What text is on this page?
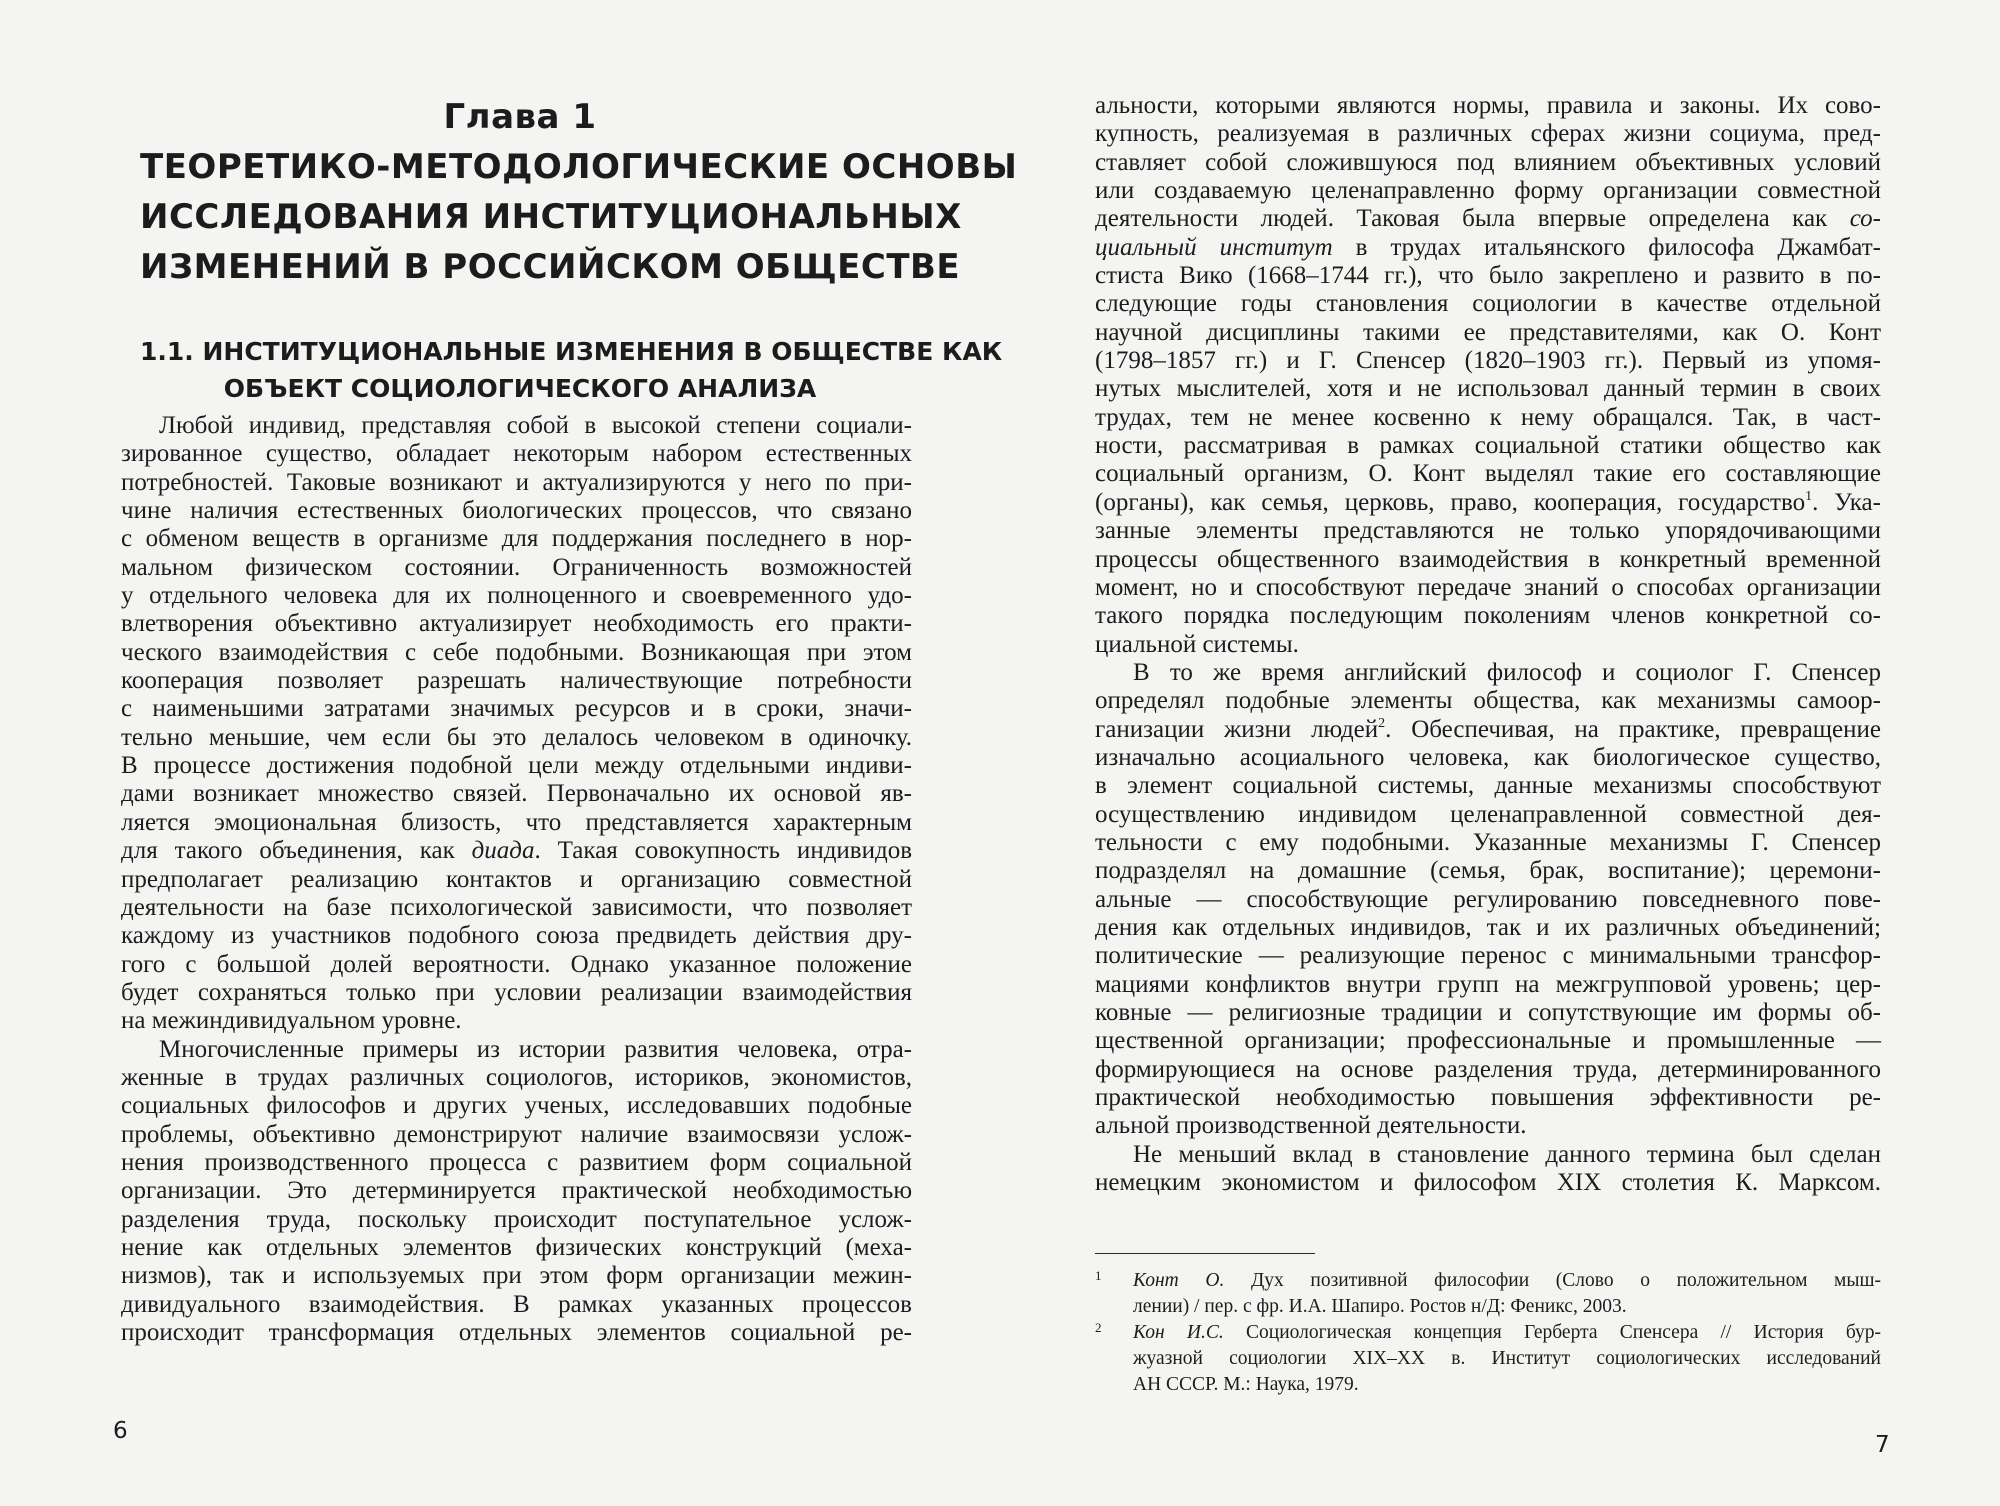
Глава 1
ТЕОРЕТИКО-МЕТОДОЛОГИЧЕСКИЕ ОСНОВЫ
ИССЛЕДОВАНИЯ ИНСТИТУЦИОНАЛЬНЫХ
ИЗМЕНЕНИЙ В РОССИЙСКОМ ОБЩЕСТВЕ
1.1. ИНСТИТУЦИОНАЛЬНЫЕ ИЗМЕНЕНИЯ В ОБЩЕСТВЕ КАК
ОБЪЕКТ СОЦИОЛОГИЧЕСКОГО АНАЛИЗА
Любой индивид, представляя собой в высокой степени социали-
зированное существо, обладает некоторым набором естественных
потребностей. Таковые возникают и актуализируются у него по при-
чине наличия естественных биологических процессов, что связано
с обменом веществ в организме для поддержания последнего в нор-
мальном физическом состоянии. Ограниченность возможностей
у отдельного человека для их полноценного и своевременного удо-
влетворения объективно актуализирует необходимость его практи-
ческого взаимодействия с себе подобными. Возникающая при этом
кооперация позволяет разрешать наличествующие потребности
с наименьшими затратами значимых ресурсов и в сроки, значи-
тельно меньшие, чем если бы это делалось человеком в одиночку.
В процессе достижения подобной цели между отдельными индиви-
дами возникает множество связей. Первоначально их основой яв-
ляется эмоциональная близость, что представляется характерным
для такого объединения, как диада. Такая совокупность индивидов
предполагает реализацию контактов и организацию совместной
деятельности на базе психологической зависимости, что позволяет
каждому из участников подобного союза предвидеть действия дру-
гого с большой долей вероятности. Однако указанное положение
будет сохраняться только при условии реализации взаимодействия
на межиндивидуальном уровне.
Многочисленные примеры из истории развития человека, отра-
женные в трудах различных социологов, историков, экономистов,
социальных философов и других ученых, исследовавших подобные
проблемы, объективно демонстрируют наличие взаимосвязи услож-
нения производственного процесса с развитием форм социальной
организации. Это детерминируется практической необходимостью
разделения труда, поскольку происходит поступательное услож-
нение как отдельных элементов физических конструкций (меха-
низмов), так и используемых при этом форм организации межин-
дивидуального взаимодействия. В рамках указанных процессов
происходит трансформация отдельных элементов социальной ре-
6
альности, которыми являются нормы, правила и законы. Их сово-
купность, реализуемая в различных сферах жизни социума, пред-
ставляет собой сложившуюся под влиянием объективных условий
или создаваемую целенаправленно форму организации совместной
деятельности людей. Таковая была впервые определена как со-
циальный институт в трудах итальянского философа Джамбат-
стиста Вико (1668–1744 гг.), что было закреплено и развито в по-
следующие годы становления социологии в качестве отдельной
научной дисциплины такими ее представителями, как О. Конт
(1798–1857 гг.) и Г. Спенсер (1820–1903 гг.). Первый из упомя-
нутых мыслителей, хотя и не использовал данный термин в своих
трудах, тем не менее косвенно к нему обращался. Так, в част-
ности, рассматривая в рамках социальной статики общество как
социальный организм, О. Конт выделял такие его составляющие
(органы), как семья, церковь, право, кооперация, государство$^1$. Ука-
занные элементы представляются не только упорядочивающими
процессы общественного взаимодействия в конкретный временной
момент, но и способствуют передаче знаний о способах организации
такого порядка последующим поколениям членов конкретной со-
циальной системы.
В то же время английский философ и социолог Г. Спенсер
определял подобные элементы общества, как механизмы самоор-
ганизации жизни людей$^2$. Обеспечивая, на практике, превращение
изначально асоциального человека, как биологическое существо,
в элемент социальной системы, данные механизмы способствуют
осуществлению индивидом целенаправленной совместной дея-
тельности с ему подобными. Указанные механизмы Г. Спенсер
подразделял на домашние (семья, брак, воспитание); церемони-
альные — способствующие регулированию повседневного пове-
дения как отдельных индивидов, так и их различных объединений;
политические — реализующие перенос с минимальными трансфор-
мациями конфликтов внутри групп на межгрупповой уровень; цер-
ковные — религиозные традиции и сопутствующие им формы об-
щественной организации; профессиональные и промышленные —
формирующиеся на основе разделения труда, детерминированного
практической необходимостью повышения эффективности ре-
альной производственной деятельности.
Не меньший вклад в становление данного термина был сделан
немецким экономистом и философом XIX столетия К. Марксом.
1 Конт О. Дух позитивной философии (Слово о положительном мыш-
лении) / пер. с фр. И.А. Шапиро. Ростов н/Д: Феникс, 2003.
2 Кон И.С. Социологическая концепция Герберта Спенсера // История бур-
жуазной социологии XIX–XX в. Институт социологических исследований
АН СССР. М.: Наука, 1979.
7
